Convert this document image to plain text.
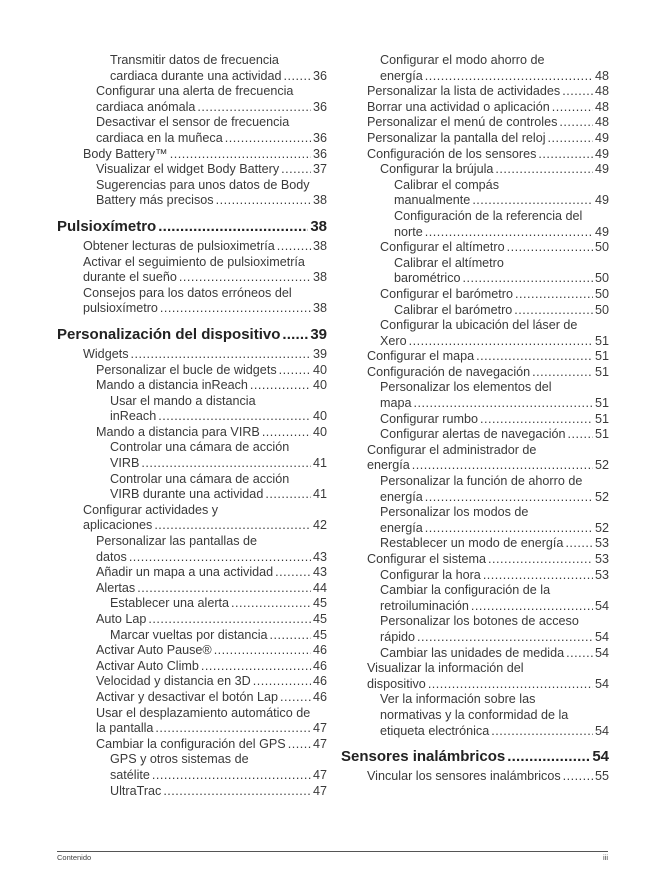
Transmitir datos de frecuencia
cardiaca durante una actividad ..... 36
Configurar una alerta de frecuencia
cardiaca anómala .....	36
Desactivar el sensor de frecuencia
cardiaca en la muñeca .....	36
Body Battery™ .....	36
Visualizar el widget Body Battery .....	37
Sugerencias para unos datos de Body
Battery más precisos .....	38
Pulsioxímetro .....	38
Obtener lecturas de pulsioximetría .....	38
Activar el seguimiento de pulsioximetría
durante el sueño .....	38
Consejos para los datos erróneos del
pulsioxímetro .....	38
Personalización del dispositivo ..... 39
Widgets .....	39
Personalizar el bucle de widgets .....	40
Mando a distancia inReach .....	40
Usar el mando a distancia
inReach .....	40
Mando a distancia para VIRB .....	40
Controlar una cámara de acción
VIRB .....	41
Controlar una cámara de acción
VIRB durante una actividad .....	41
Configurar actividades y
aplicaciones .....	42
Personalizar las pantallas de
datos .....	43
Añadir un mapa a una actividad .....	43
Alertas .....	44
Establecer una alerta .....	45
Auto Lap .....	45
Marcar vueltas por distancia .....	45
Activar Auto Pause® .....	46
Activar Auto Climb .....	46
Velocidad y distancia en 3D .....	46
Activar y desactivar el botón Lap .....	46
Usar el desplazamiento automático de
la pantalla .....	47
Cambiar la configuración del GPS ..... 47
GPS y otros sistemas de
satélite .....	47
UltraTrac .....	47
Configurar el modo ahorro de
energía .....	48
Personalizar la lista de actividades .....	48
Borrar una actividad o aplicación .....	48
Personalizar el menú de controles .....	48
Personalizar la pantalla del reloj .....	49
Configuración de los sensores .....	49
Configurar la brújula .....	49
Calibrar el compás
manualmente .....	49
Configuración de la referencia del
norte .....	49
Configurar el altímetro .....	50
Calibrar el altímetro
barométrico .....	50
Configurar el barómetro .....	50
Calibrar el barómetro .....	50
Configurar la ubicación del láser de
Xero .....	51
Configurar el mapa .....	51
Configuración de navegación .....	51
Personalizar los elementos del
mapa .....	51
Configurar rumbo .....	51
Configurar alertas de navegación ..... 51
Configurar el administrador de
energía .....	52
Personalizar la función de ahorro de
energía .....	52
Personalizar los modos de
energía .....	52
Restablecer un modo de energía .....	53
Configurar el sistema .....	53
Configurar la hora .....	53
Cambiar la configuración de la
retroiluminación .....	54
Personalizar los botones de acceso
rápido .....	54
Cambiar las unidades de medida ..... 54
Visualizar la información del
dispositivo .....	54
Ver la información sobre las
normativas y la conformidad de la
etiqueta electrónica .....	54
Sensores inalámbricos .....	54
Vincular los sensores inalámbricos .....	55
Contenido	iii
